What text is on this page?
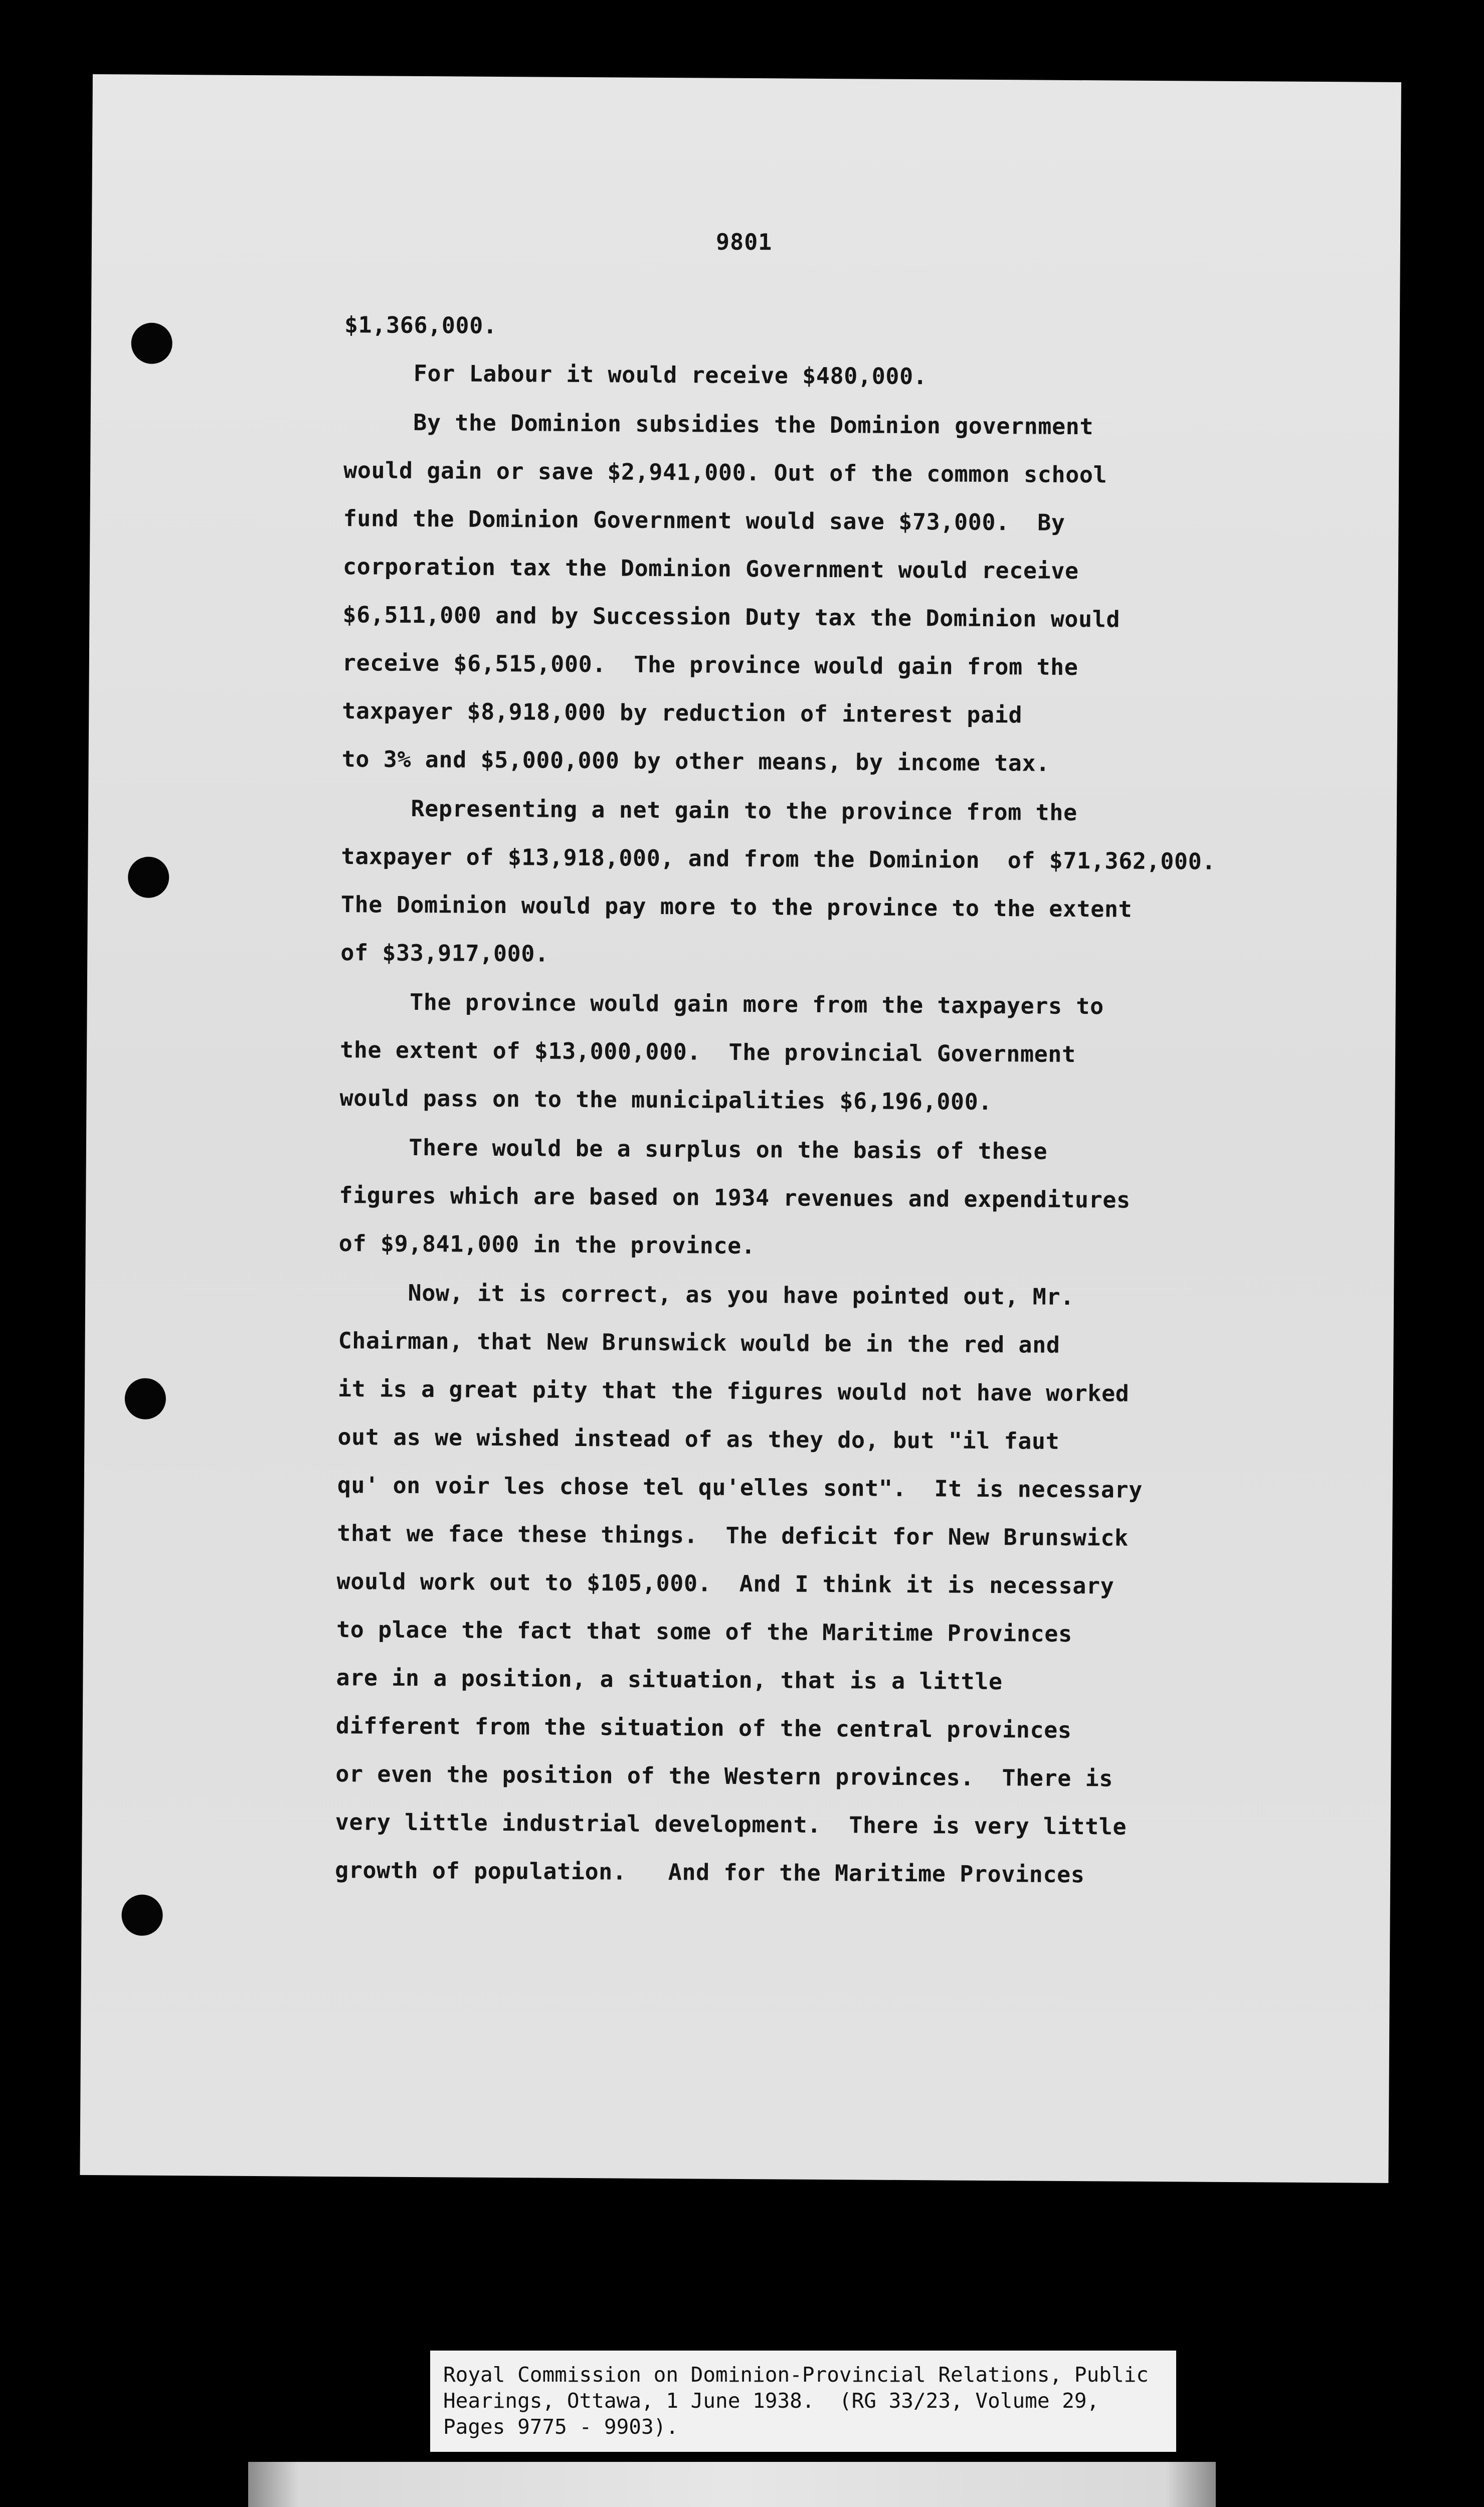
9801
$1,366,000.
For Labour it would receive $480,000.
By the Dominion subsidies the Dominion government
would gain or save $2,941,000. Out of the common school
fund the Dominion Government would save $73,000.  By
corporation tax the Dominion Government would receive
$6,511,000 and by Succession Duty tax the Dominion would
receive $6,515,000.  The province would gain from the
taxpayer $8,918,000 by reduction of interest paid
to 3% and $5,000,000 by other means, by income tax.
Representing a net gain to the province from the
taxpayer of $13,918,000, and from the Dominion  of $71,362,000.
The Dominion would pay more to the province to the extent
of $33,917,000.
The province would gain more from the taxpayers to
the extent of $13,000,000.  The provincial Government
would pass on to the municipalities $6,196,000.
There would be a surplus on the basis of these
figures which are based on 1934 revenues and expenditures
of $9,841,000 in the province.
Now, it is correct, as you have pointed out, Mr.
Chairman, that New Brunswick would be in the red and
it is a great pity that the figures would not have worked
out as we wished instead of as they do, but "il faut
qu' on voir les chose tel qu'elles sont".  It is necessary
that we face these things.  The deficit for New Brunswick
would work out to $105,000.  And I think it is necessary
to place the fact that some of the Maritime Provinces
are in a position, a situation, that is a little
different from the situation of the central provinces
or even the position of the Western provinces.  There is
very little industrial development.  There is very little
growth of population.   And for the Maritime Provinces
Royal Commission on Dominion-Provincial Relations, Public
Hearings, Ottawa, 1 June 1938.  (RG 33/23, Volume 29,
Pages 9775 - 9903).
